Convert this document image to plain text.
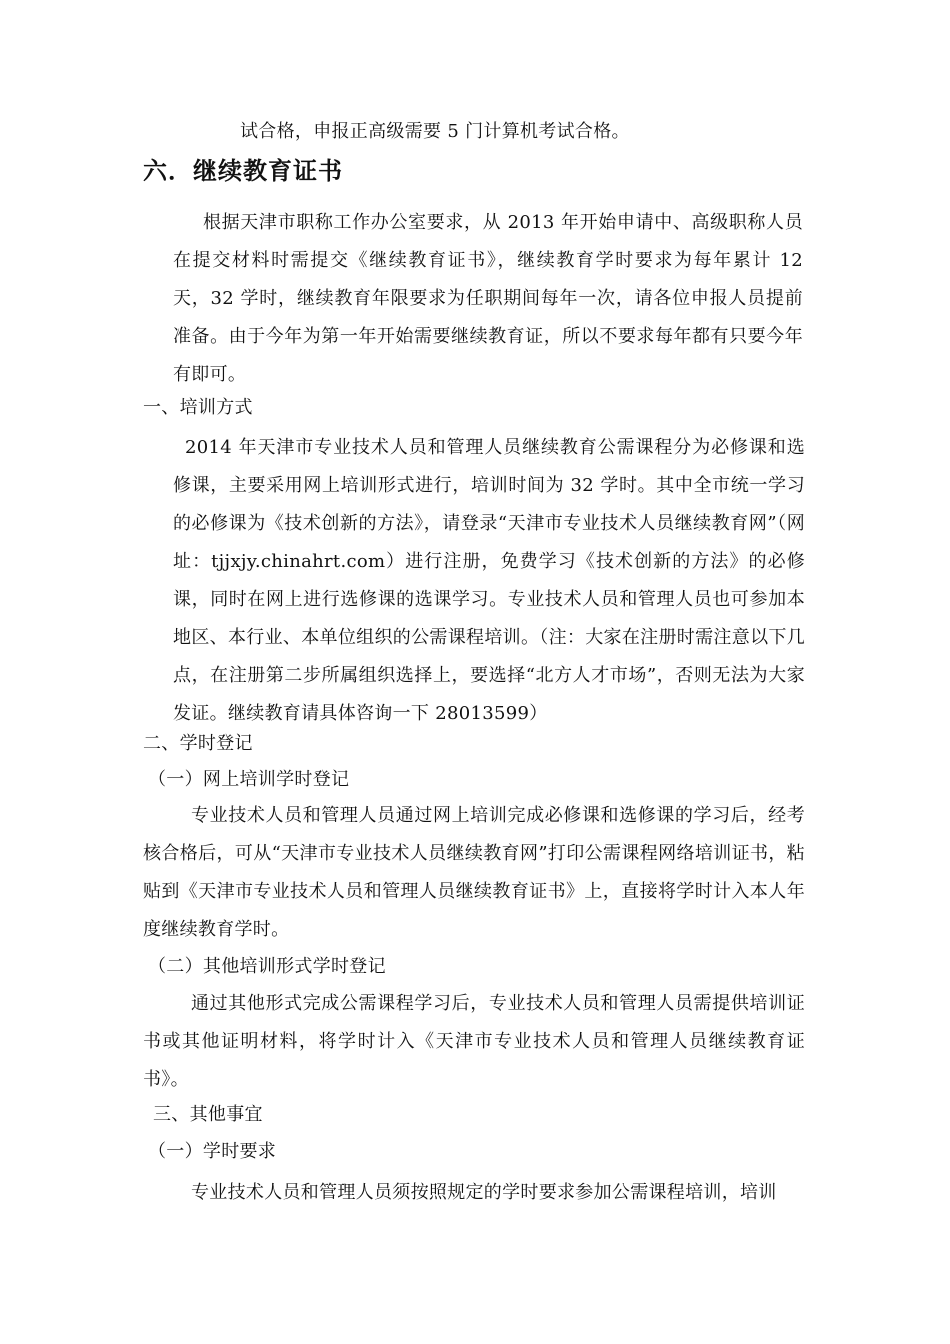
试合格，申报正高级需要 5 门计算机考试合格。

六．继续教育证书

根据天津市职称工作办公室要求，从 2013 年开始申请中、高级职称人员在提交材料时需提交《继续教育证书》，继续教育学时要求为每年累计 12 天，32 学时，继续教育年限要求为任职期间每年一次，请各位申报人员提前准备。由于今年为第一年开始需要继续教育证，所以不要求每年都有只要今年有即可。

一、培训方式

2014 年天津市专业技术人员和管理人员继续教育公需课程分为必修课和选修课，主要采用网上培训形式进行，培训时间为 32 学时。其中全市统一学习的必修课为《技术创新的方法》，请登录“天津市专业技术人员继续教育网”（网址：tjjxjy.chinahrt.com）进行注册，免费学习《技术创新的方法》的必修课，同时在网上进行选修课的选课学习。专业技术人员和管理人员也可参加本地区、本行业、本单位组织的公需课程培训。（注：大家在注册时需注意以下几点，在注册第二步所属组织选择上，要选择“北方人才市场”，否则无法为大家发证。继续教育请具体咨询一下 28013599）

二、学时登记

（一）网上培训学时登记

专业技术人员和管理人员通过网上培训完成必修课和选修课的学习后，经考核合格后，可从“天津市专业技术人员继续教育网”打印公需课程网络培训证书，粘贴到《天津市专业技术人员和管理人员继续教育证书》上，直接将学时计入本人年度继续教育学时。

（二）其他培训形式学时登记

通过其他形式完成公需课程学习后，专业技术人员和管理人员需提供培训证书或其他证明材料，将学时计入《天津市专业技术人员和管理人员继续教育证书》。

三、其他事宜

（一）学时要求

专业技术人员和管理人员须按照规定的学时要求参加公需课程培训，培训
